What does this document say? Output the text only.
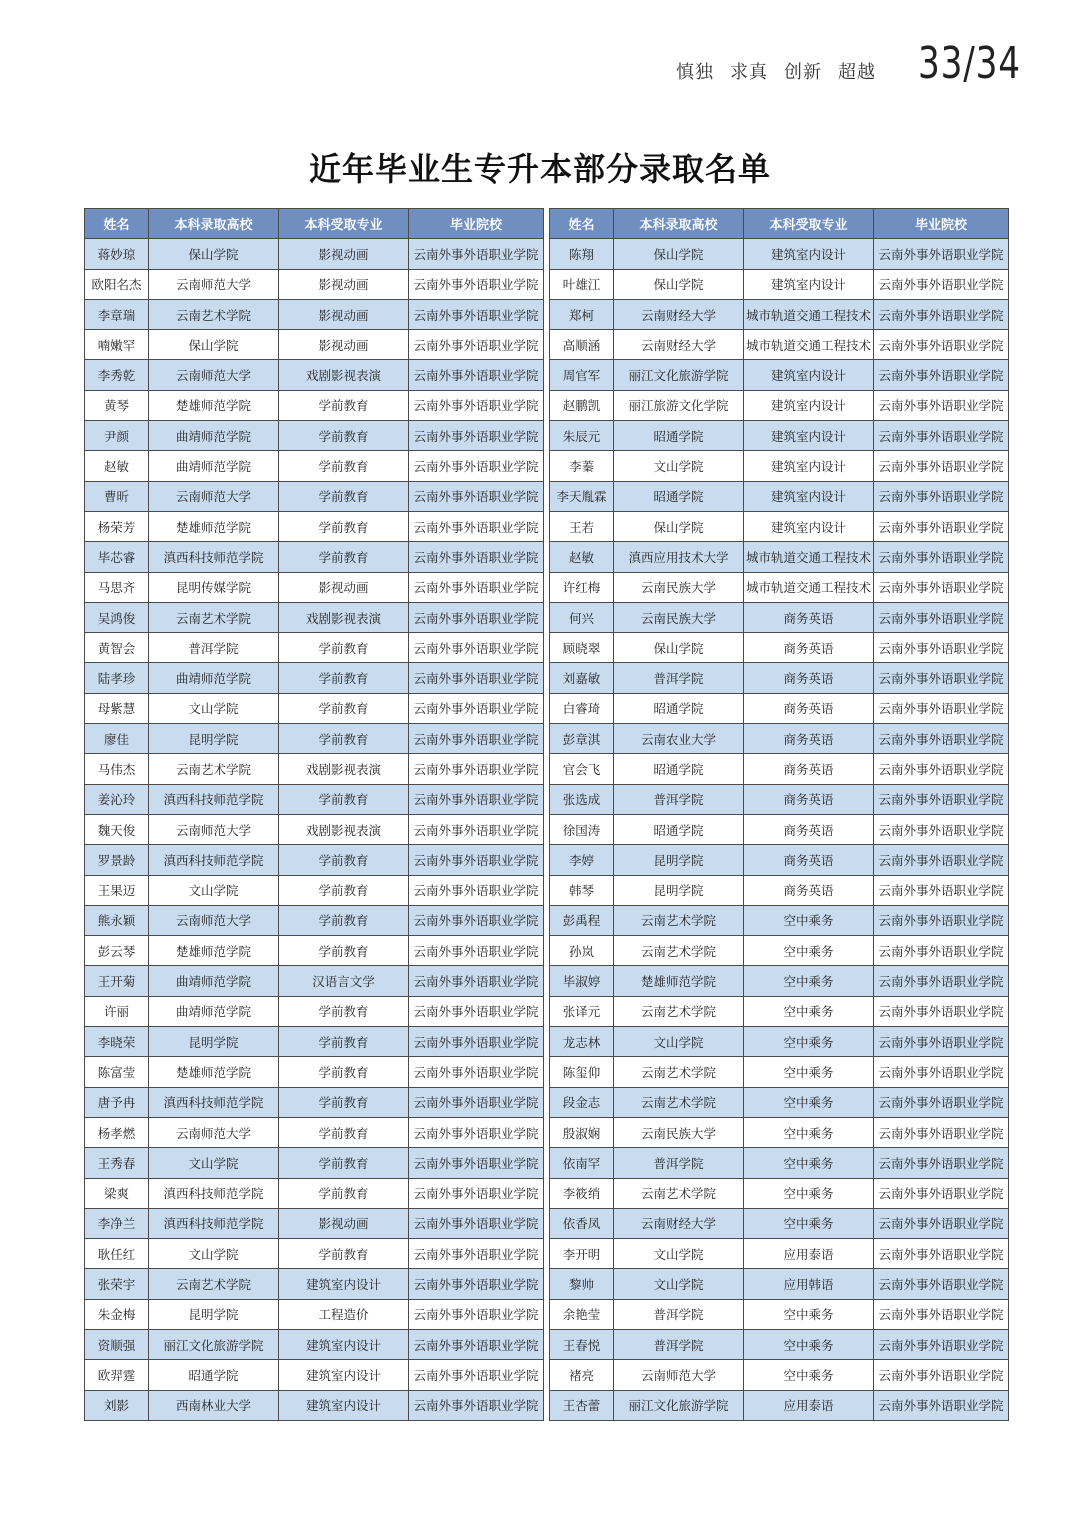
慎独 求真 创新 超越 33/34
近年毕业生专升本部分录取名单
姓名	本科录取高校	本科受取专业	毕业院校
蒋妙琼	保山学院	影视动画	云南外事外语职业学院
欧阳名杰	云南师范大学	影视动画	云南外事外语职业学院
李章瑞	云南艺术学院	影视动画	云南外事外语职业学院
喃嫩罕	保山学院	影视动画	云南外事外语职业学院
李秀乾	云南师范大学	戏剧影视表演	云南外事外语职业学院
黄琴	楚雄师范学院	学前教育	云南外事外语职业学院
尹颜	曲靖师范学院	学前教育	云南外事外语职业学院
赵敏	曲靖师范学院	学前教育	云南外事外语职业学院
曹昕	云南师范大学	学前教育	云南外事外语职业学院
杨荣芳	楚雄师范学院	学前教育	云南外事外语职业学院
毕芯睿	滇西科技师范学院	学前教育	云南外事外语职业学院
马思齐	昆明传媒学院	影视动画	云南外事外语职业学院
吴鸿俊	云南艺术学院	戏剧影视表演	云南外事外语职业学院
黄智会	普洱学院	学前教育	云南外事外语职业学院
陆孝珍	曲靖师范学院	学前教育	云南外事外语职业学院
母紫慧	文山学院	学前教育	云南外事外语职业学院
廖佳	昆明学院	学前教育	云南外事外语职业学院
马伟杰	云南艺术学院	戏剧影视表演	云南外事外语职业学院
姜沁玲	滇西科技师范学院	学前教育	云南外事外语职业学院
魏天俊	云南师范大学	戏剧影视表演	云南外事外语职业学院
罗景龄	滇西科技师范学院	学前教育	云南外事外语职业学院
王果迈	文山学院	学前教育	云南外事外语职业学院
熊永颖	云南师范大学	学前教育	云南外事外语职业学院
彭云琴	楚雄师范学院	学前教育	云南外事外语职业学院
王开菊	曲靖师范学院	汉语言文学	云南外事外语职业学院
许丽	曲靖师范学院	学前教育	云南外事外语职业学院
李晓荣	昆明学院	学前教育	云南外事外语职业学院
陈富莹	楚雄师范学院	学前教育	云南外事外语职业学院
唐予冉	滇西科技师范学院	学前教育	云南外事外语职业学院
杨孝燃	云南师范大学	学前教育	云南外事外语职业学院
王秀春	文山学院	学前教育	云南外事外语职业学院
梁爽	滇西科技师范学院	学前教育	云南外事外语职业学院
李净兰	滇西科技师范学院	影视动画	云南外事外语职业学院
耿任红	文山学院	学前教育	云南外事外语职业学院
张荣宇	云南艺术学院	建筑室内设计	云南外事外语职业学院
朱金梅	昆明学院	工程造价	云南外事外语职业学院
资顺强	丽江文化旅游学院	建筑室内设计	云南外事外语职业学院
欧羿霆	昭通学院	建筑室内设计	云南外事外语职业学院
刘影	西南林业大学	建筑室内设计	云南外事外语职业学院
姓名	本科录取高校	本科受取专业	毕业院校
陈翔	保山学院	建筑室内设计	云南外事外语职业学院
叶雄江	保山学院	建筑室内设计	云南外事外语职业学院
郑柯	云南财经大学	城市轨道交通工程技术	云南外事外语职业学院
高顺涵	云南财经大学	城市轨道交通工程技术	云南外事外语职业学院
周官军	丽江文化旅游学院	建筑室内设计	云南外事外语职业学院
赵鹏凯	丽江旅游文化学院	建筑室内设计	云南外事外语职业学院
朱辰元	昭通学院	建筑室内设计	云南外事外语职业学院
李蓁	文山学院	建筑室内设计	云南外事外语职业学院
李天胤霖	昭通学院	建筑室内设计	云南外事外语职业学院
王若	保山学院	建筑室内设计	云南外事外语职业学院
赵敏	滇西应用技术大学	城市轨道交通工程技术	云南外事外语职业学院
许红梅	云南民族大学	城市轨道交通工程技术	云南外事外语职业学院
何兴	云南民族大学	商务英语	云南外事外语职业学院
顾晓翠	保山学院	商务英语	云南外事外语职业学院
刘嘉敏	普洱学院	商务英语	云南外事外语职业学院
白睿琦	昭通学院	商务英语	云南外事外语职业学院
彭章淇	云南农业大学	商务英语	云南外事外语职业学院
官会飞	昭通学院	商务英语	云南外事外语职业学院
张选成	普洱学院	商务英语	云南外事外语职业学院
徐国涛	昭通学院	商务英语	云南外事外语职业学院
李婷	昆明学院	商务英语	云南外事外语职业学院
韩琴	昆明学院	商务英语	云南外事外语职业学院
彭禹程	云南艺术学院	空中乘务	云南外事外语职业学院
孙岚	云南艺术学院	空中乘务	云南外事外语职业学院
毕淑婷	楚雄师范学院	空中乘务	云南外事外语职业学院
张译元	云南艺术学院	空中乘务	云南外事外语职业学院
龙志林	文山学院	空中乘务	云南外事外语职业学院
陈玺仰	云南艺术学院	空中乘务	云南外事外语职业学院
段金志	云南艺术学院	空中乘务	云南外事外语职业学院
殷淑娴	云南民族大学	空中乘务	云南外事外语职业学院
依南罕	普洱学院	空中乘务	云南外事外语职业学院
李筱绡	云南艺术学院	空中乘务	云南外事外语职业学院
依香凤	云南财经大学	空中乘务	云南外事外语职业学院
李开明	文山学院	应用泰语	云南外事外语职业学院
黎帅	文山学院	应用韩语	云南外事外语职业学院
余艳莹	普洱学院	空中乘务	云南外事外语职业学院
王春悦	普洱学院	空中乘务	云南外事外语职业学院
褚亮	云南师范大学	空中乘务	云南外事外语职业学院
王杏蕾	丽江文化旅游学院	应用泰语	云南外事外语职业学院
